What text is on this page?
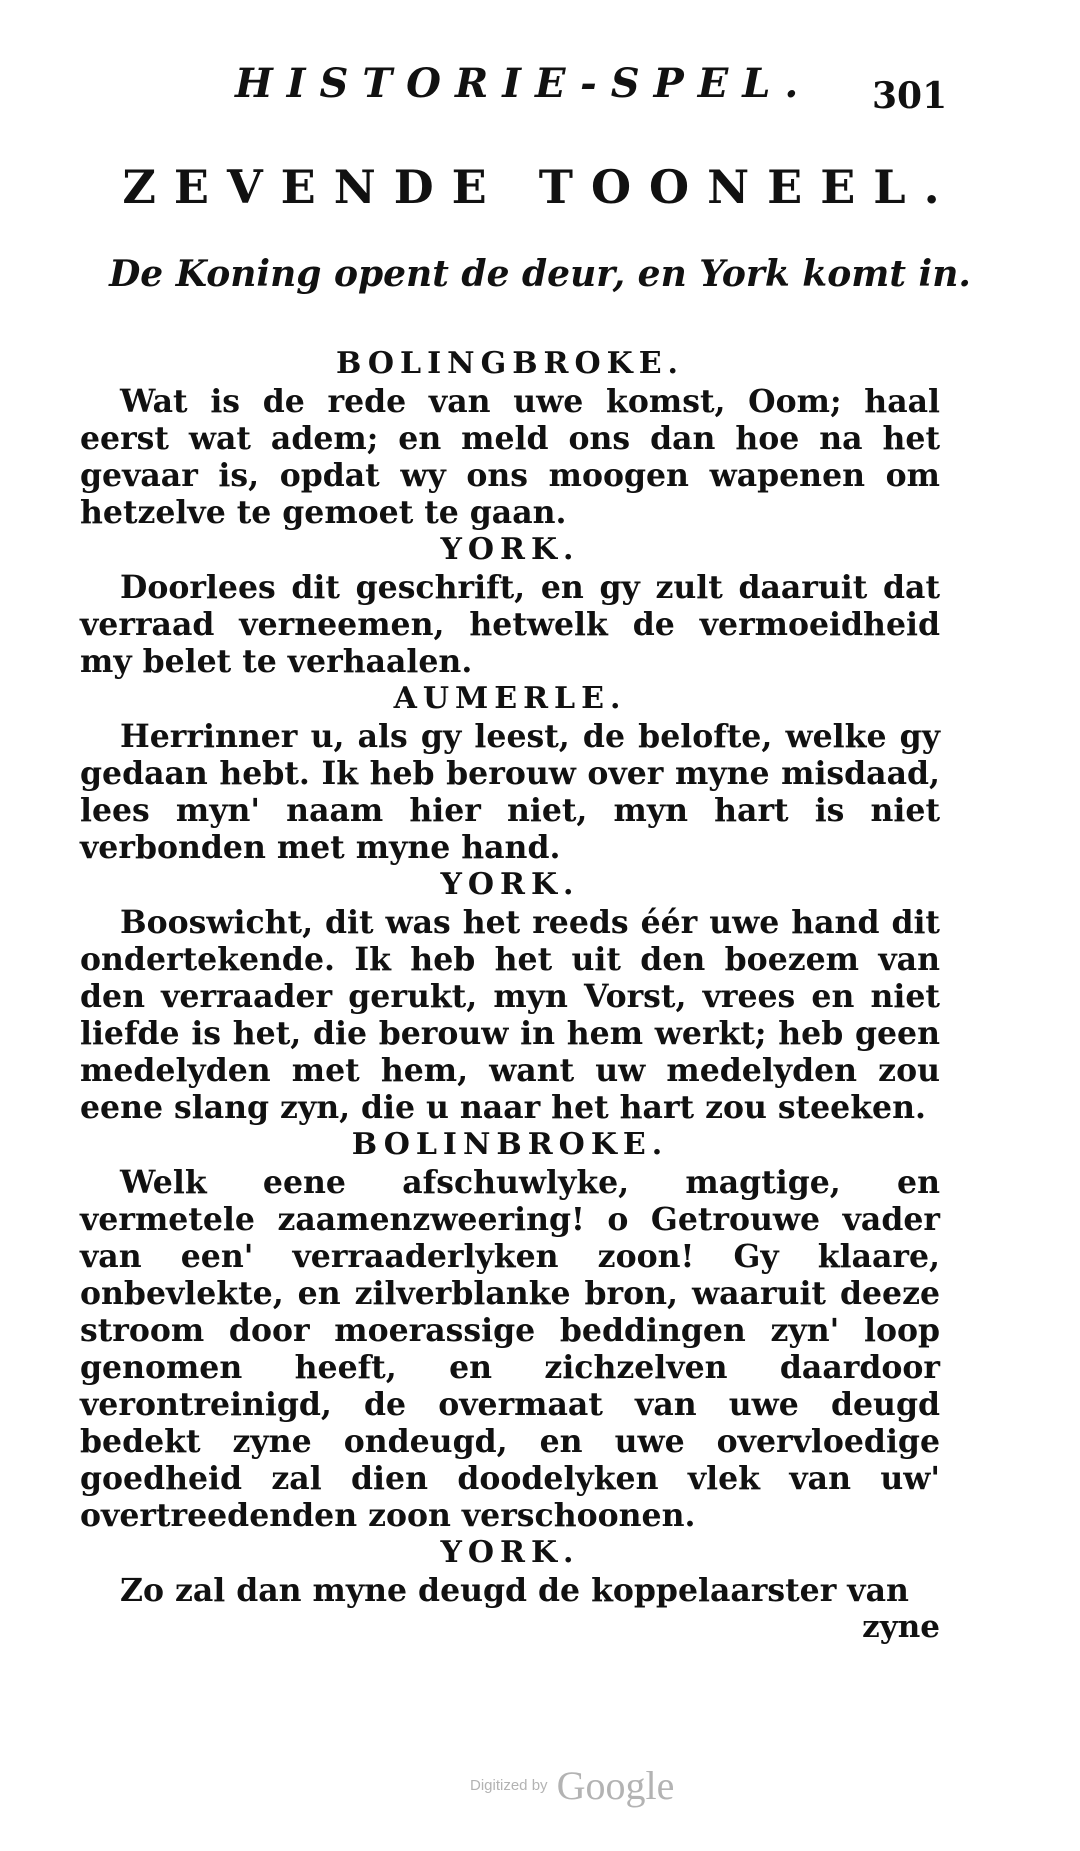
HISTORIE-SPEL. 301
ZEVENDE TOONEEL.
De Koning opent de deur, en York komt in.
BOLINGBROKE.

Wat is de rede van uwe komst, Oom; haal eerst wat adem; en meld ons dan hoe na het gevaar is, opdat wy ons moogen wapenen om hetzelve te gemoet te gaan.

YORK.

Doorlees dit geschrift, en gy zult daaruit dat verraad verneemen, hetwelk de vermoeidheid my belet te verhaalen.

AUMERLE.

Herrinner u, als gy leest, de belofte, welke gy gedaan hebt. Ik heb berouw over myne misdaad, lees myn' naam hier niet, myn hart is niet verbonden met myne hand.

YORK.

Booswicht, dit was het reeds éér uwe hand dit ondertekende. Ik heb het uit den boezem van den verraader gerukt, myn Vorst, vrees en niet liefde is het, die berouw in hem werkt; heb geen medelyden met hem, want uw medelyden zou eene slang zyn, die u naar het hart zou steeken.

BOLINBROKE.

Welk eene afschuwlyke, magtige, en vermetele zaamenzweering! o Getrouwe vader van een' verraaderlyken zoon! Gy klaare, onbevlekte, en zilverblanke bron, waaruit deeze stroom door moerassige beddingen zyn' loop genomen heeft, en zichzelven daardoor verontreinigd, de overmaat van uwe deugd bedekt zyne ondeugd, en uwe overvloedige goedheid zal dien doodelyken vlek van uw' overtreedenden zoon verschoonen.

YORK.

Zo zal dan myne deugd de koppelaarster van

zyne

Digitized by Google
